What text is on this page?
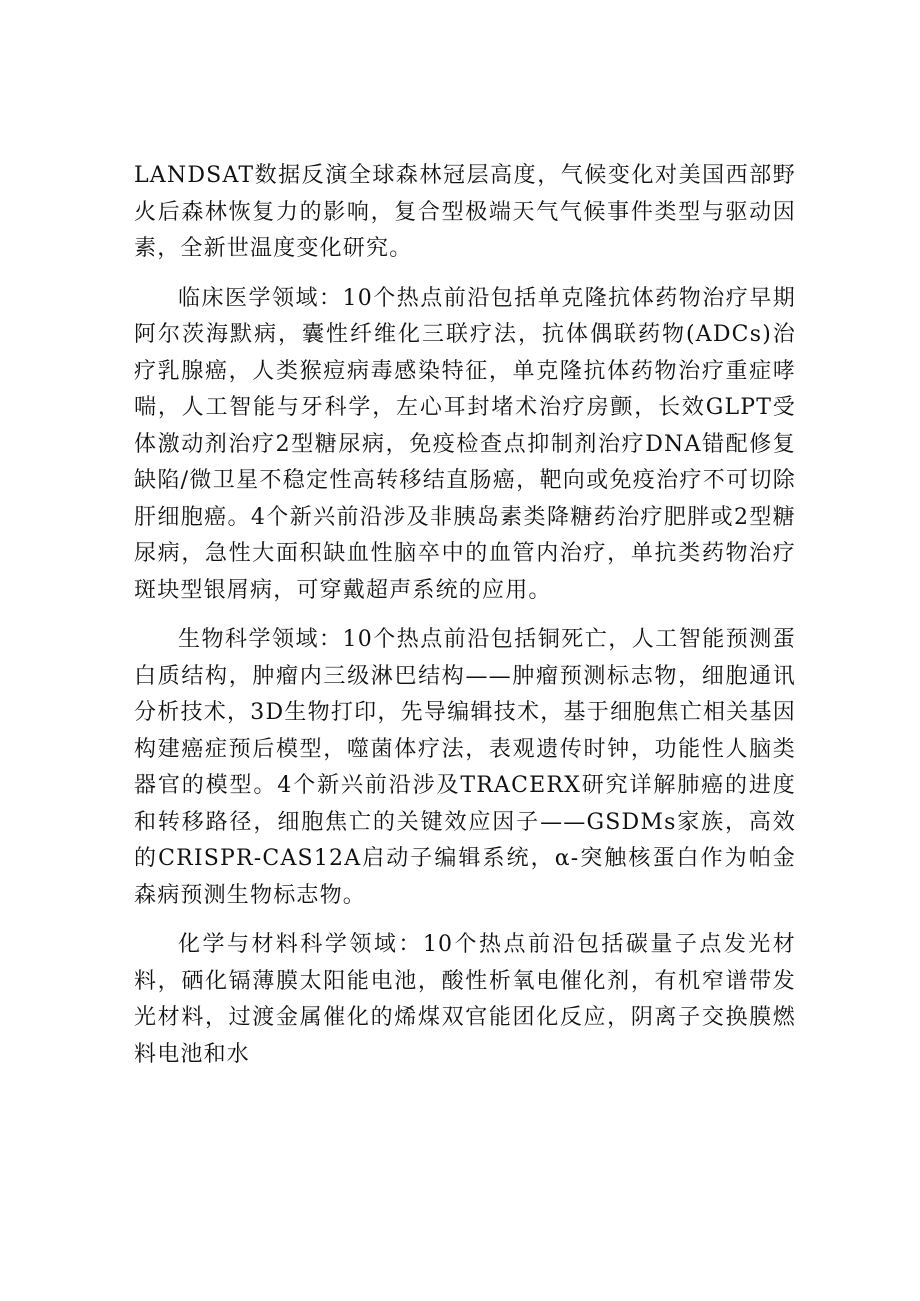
LANDSAT数据反演全球森林冠层高度，气候变化对美国西部野火后森林恢复力的影响，复合型极端天气气候事件类型与驱动因素，全新世温度变化研究。

临床医学领域：10个热点前沿包括单克隆抗体药物治疗早期阿尔茨海默病，囊性纤维化三联疗法，抗体偶联药物(ADCs)治疗乳腺癌，人类猴痘病毒感染特征，单克隆抗体药物治疗重症哮喘，人工智能与牙科学，左心耳封堵术治疗房颤，长效GLPT受体激动剂治疗2型糖尿病，免疫检查点抑制剂治疗DNA错配修复缺陷/微卫星不稳定性高转移结直肠癌，靶向或免疫治疗不可切除肝细胞癌。4个新兴前沿涉及非胰岛素类降糖药治疗肥胖或2型糖尿病，急性大面积缺血性脑卒中的血管内治疗，单抗类药物治疗斑块型银屑病，可穿戴超声系统的应用。

生物科学领域：10个热点前沿包括铜死亡，人工智能预测蛋白质结构，肿瘤内三级淋巴结构——肿瘤预测标志物，细胞通讯分析技术，3D生物打印，先导编辑技术，基于细胞焦亡相关基因构建癌症预后模型，噬菌体疗法，表观遗传时钟，功能性人脑类器官的模型。4个新兴前沿涉及TRACERX研究详解肺癌的进度和转移路径，细胞焦亡的关键效应因子——GSDMs家族，高效的CRISPR-CAS12A启动子编辑系统，α-突触核蛋白作为帕金森病预测生物标志物。

化学与材料科学领域：10个热点前沿包括碳量子点发光材料，硒化镉薄膜太阳能电池，酸性析氧电催化剂，有机窄谱带发光材料，过渡金属催化的烯煤双官能团化反应，阴离子交换膜燃料电池和水
